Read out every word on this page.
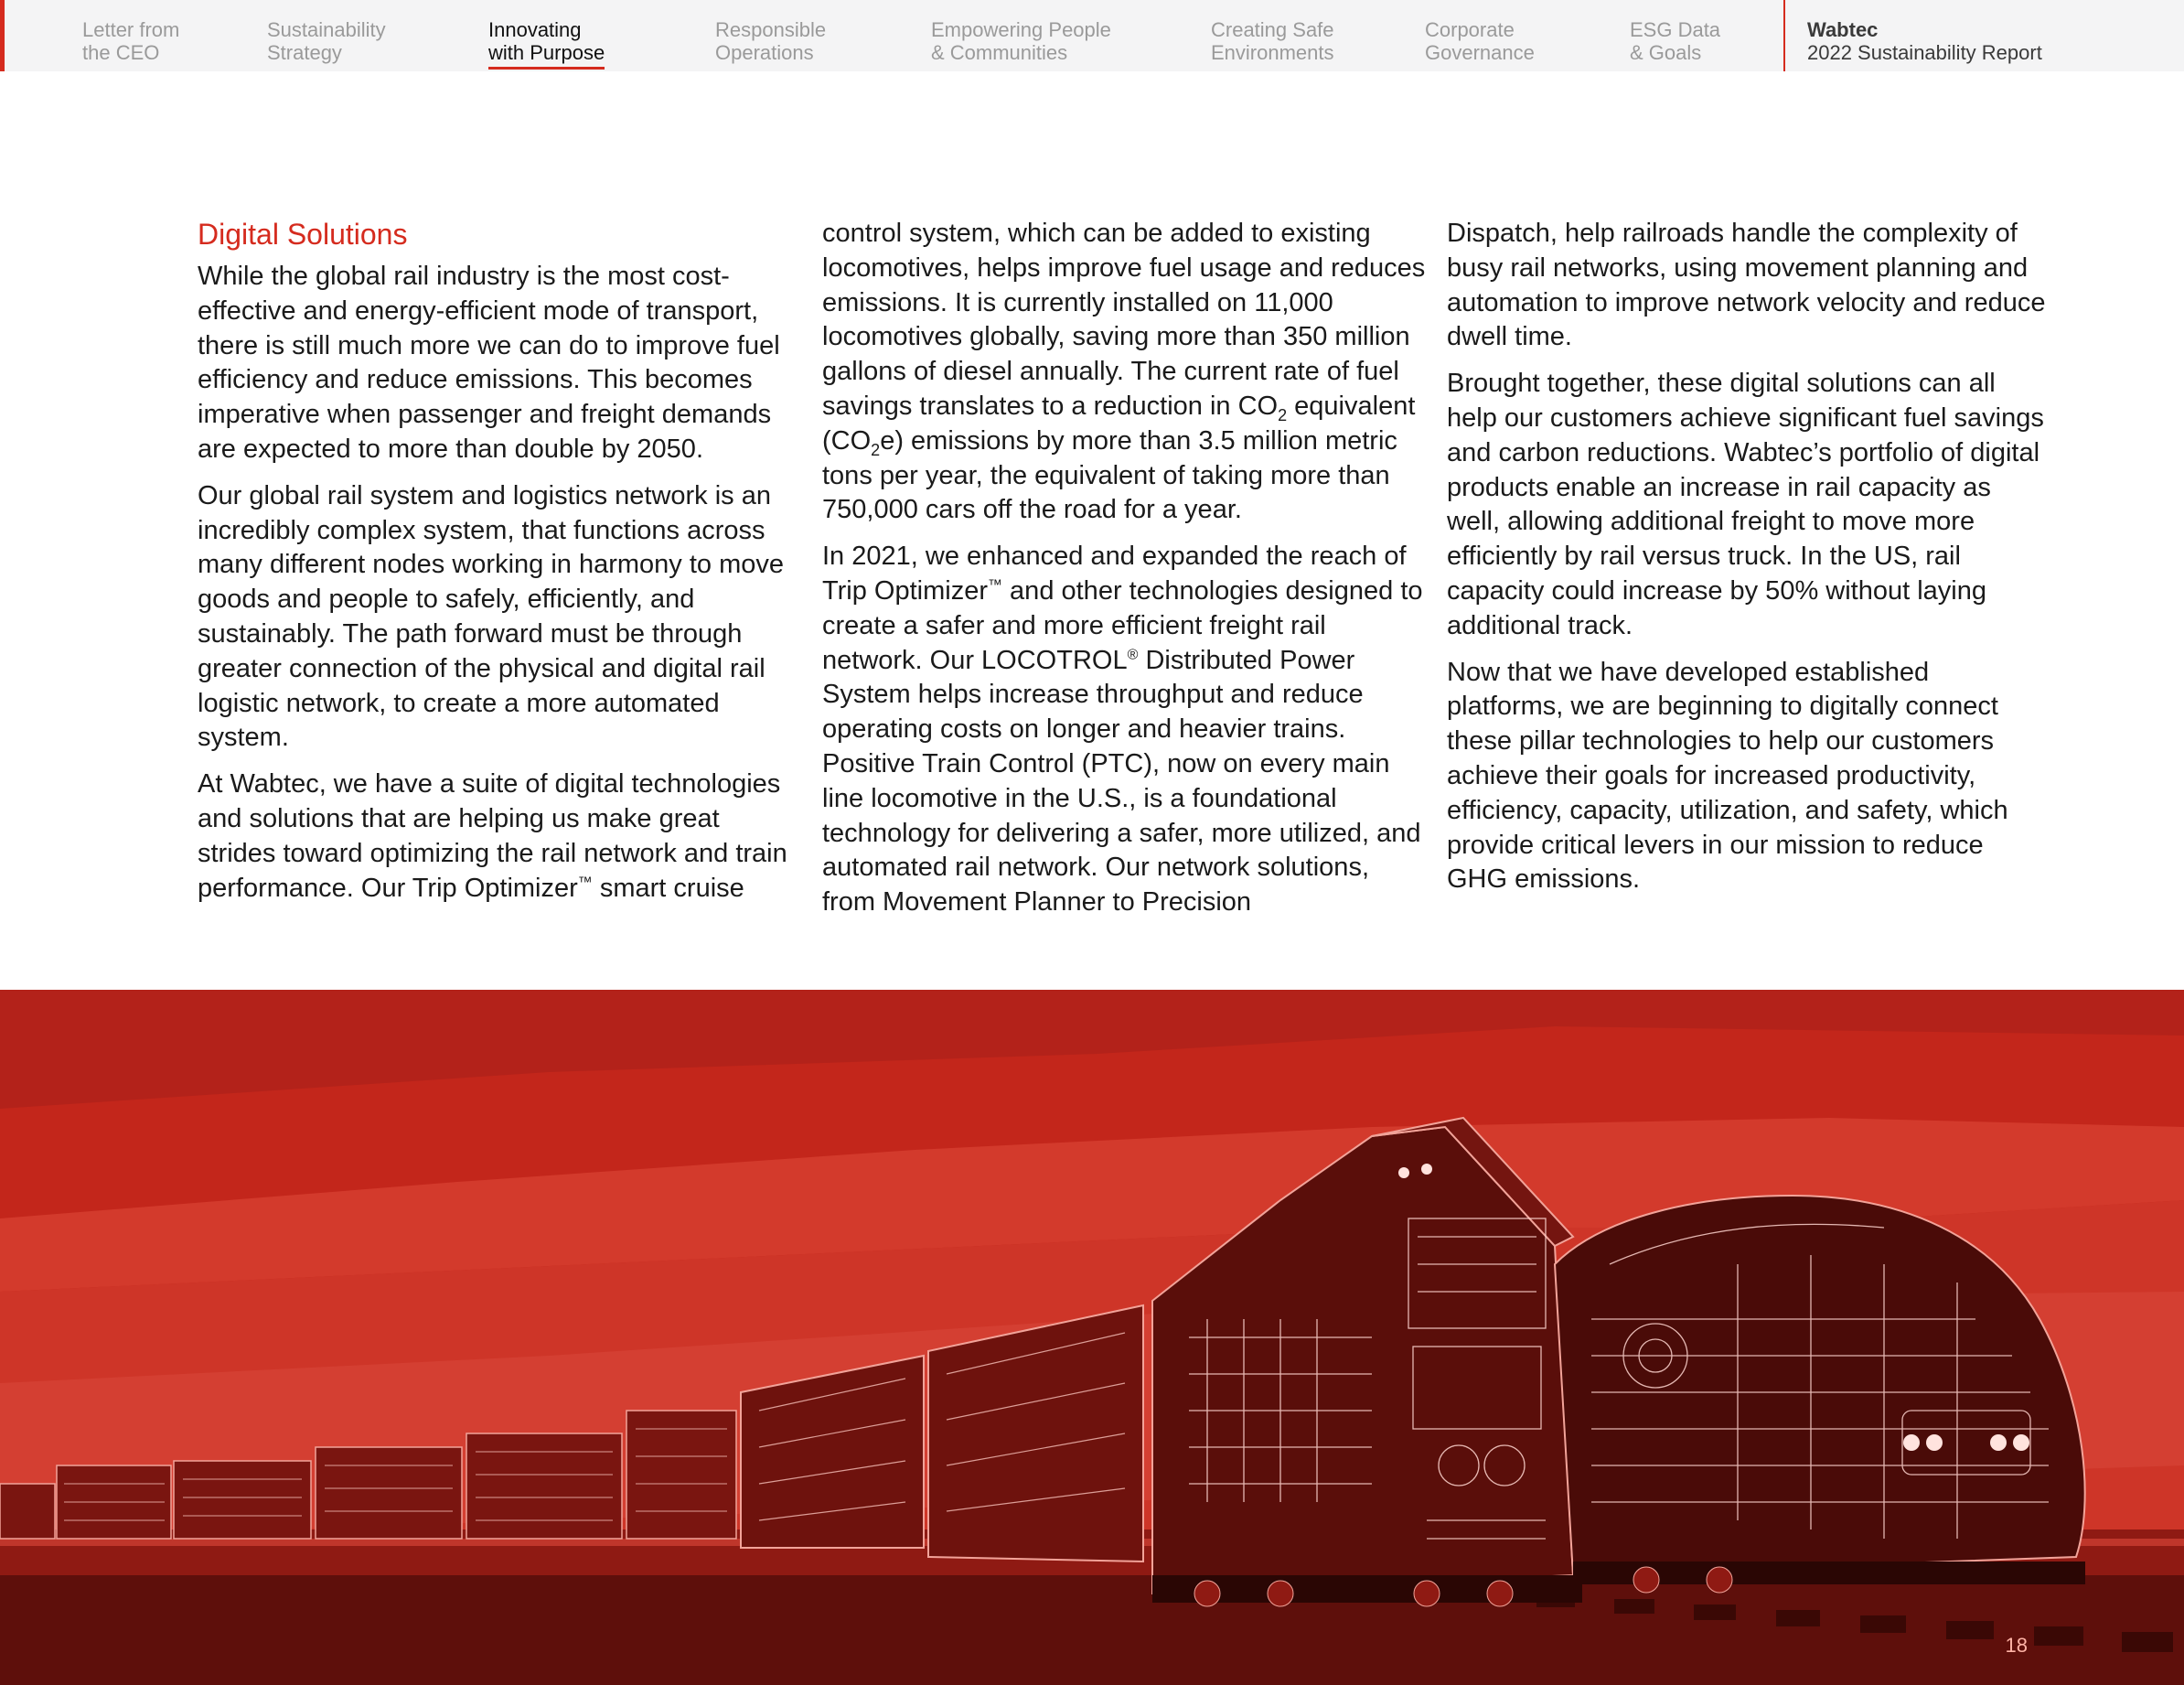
Letter from
the CEO
Sustainability
Strategy
Innovating
with Purpose
Responsible
Operations
Empowering People
& Communities
Creating Safe
Environments
Corporate
Governance
ESG Data
& Goals
Wabtec
2022 Sustainability Report
Digital Solutions

While the global rail industry is the most cost-effective and energy-efficient mode of transport, there is still much more we can do to improve fuel efficiency and reduce emissions. This becomes imperative when passenger and freight demands are expected to more than double by 2050.

Our global rail system and logistics network is an incredibly complex system, that functions across many different nodes working in harmony to move goods and people to safely, efficiently, and sustainably. The path forward must be through greater connection of the physical and digital rail logistic network, to create a more automated system.

At Wabtec, we have a suite of digital technologies and solutions that are helping us make great strides toward optimizing the rail network and train performance. Our Trip Optimizer™ smart cruise

control system, which can be added to existing locomotives, helps improve fuel usage and reduces emissions. It is currently installed on 11,000 locomotives globally, saving more than 350 million gallons of diesel annually. The current rate of fuel savings translates to a reduction in $CO_2$ equivalent $(CO_2e)$ emissions by more than 3.5 million metric tons per year, the equivalent of taking more than 750,000 cars off the road for a year.

In 2021, we enhanced and expanded the reach of Trip Optimizer™ and other technologies designed to create a safer and more efficient freight rail network. Our LOCOTROL® Distributed Power System helps increase throughput and reduce operating costs on longer and heavier trains. Positive Train Control (PTC), now on every main line locomotive in the U.S., is a foundational technology for delivering a safer, more utilized, and automated rail network. Our network solutions, from Movement Planner to Precision

Dispatch, help railroads handle the complexity of busy rail networks, using movement planning and automation to improve network velocity and reduce dwell time.

Brought together, these digital solutions can all help our customers achieve significant fuel savings and carbon reductions. Wabtec’s portfolio of digital products enable an increase in rail capacity as well, allowing additional freight to move more efficiently by rail versus truck. In the US, rail capacity could increase by 50% without laying additional track.

Now that we have developed established platforms, we are beginning to digitally connect these pillar technologies to help our customers achieve their goals for increased productivity, efficiency, capacity, utilization, and safety, which provide critical levers in our mission to reduce GHG emissions.

18
